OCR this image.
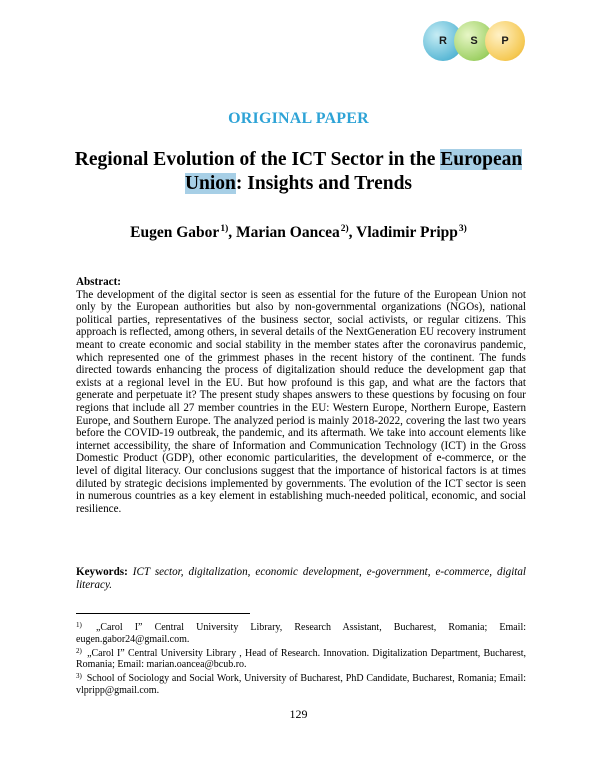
R S P
ORIGINAL PAPER
Regional Evolution of the ICT Sector in the European
Union: Insights and Trends
Eugen Gabor$^{1)}$, Marian Oancea$^{2)}$, Vladimir Pripp$^{3)}$
Abstract:
The development of the digital sector is seen as essential for the future of the European Union not only by the European authorities but also by non-governmental organizations (NGOs), national political parties, representatives of the business sector, social activists, or regular citizens. This approach is reflected, among others, in several details of the NextGeneration EU recovery instrument meant to create economic and social stability in the member states after the coronavirus pandemic, which represented one of the grimmest phases in the recent history of the continent. The funds directed towards enhancing the process of digitalization should reduce the development gap that exists at a regional level in the EU. But how profound is this gap, and what are the factors that generate and perpetuate it? The present study shapes answers to these questions by focusing on four regions that include all 27 member countries in the EU: Western Europe, Northern Europe, Eastern Europe, and Southern Europe. The analyzed period is mainly 2018-2022, covering the last two years before the COVID-19 outbreak, the pandemic, and its aftermath. We take into account elements like internet accessibility, the share of Information and Communication Technology (ICT) in the Gross Domestic Product (GDP), other economic particularities, the development of e-commerce, or the level of digital literacy. Our conclusions suggest that the importance of historical factors is at times diluted by strategic decisions implemented by governments. The evolution of the ICT sector is seen in numerous countries as a key element in establishing much-needed political, economic, and social resilience.
Keywords: ICT sector, digitalization, economic development, e-government, e-commerce, digital literacy.

$^{1)}$ „Carol I” Central University Library, Research Assistant, Bucharest, Romania; Email: eugen.gabor24@gmail.com.

$^{2)}$ „Carol I” Central University Library , Head of Research. Innovation. Digitalization Department, Bucharest, Romania; Email: marian.oancea@bcub.ro.

$^{3)}$ School of Sociology and Social Work, University of Bucharest, PhD Candidate, Bucharest, Romania; Email: vlpripp@gmail.com.

129
